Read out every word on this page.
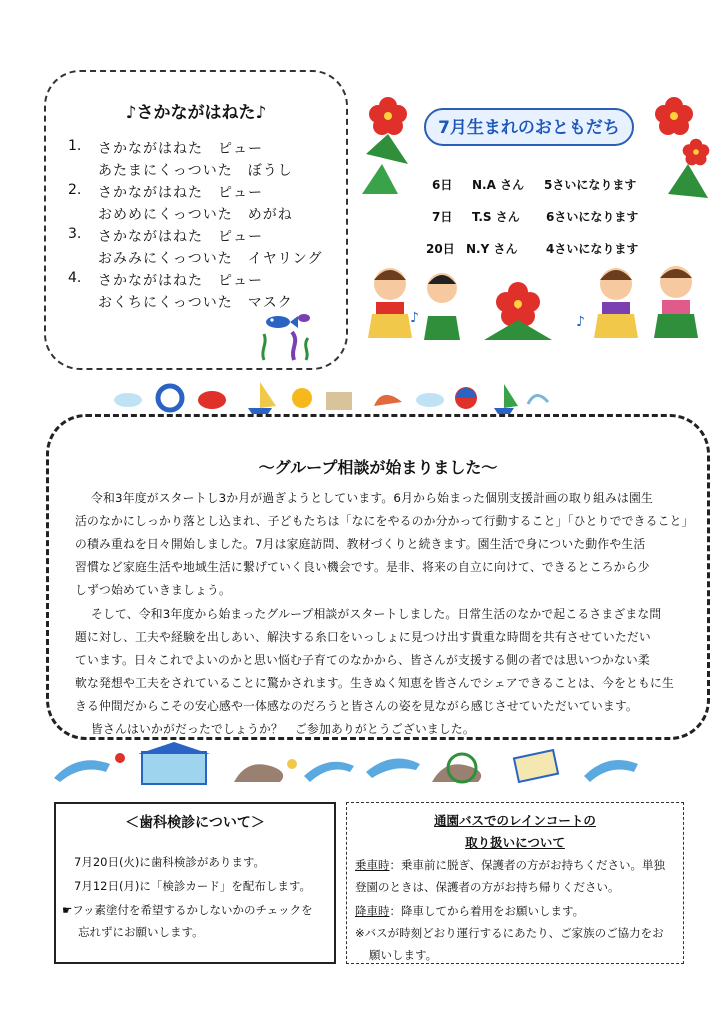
♪さかながはねた♪
1. さかながはねた　ピュー
あたまにくっついた　ぼうし
2. さかながはねた　ピュー
おめめにくっついた　めがね
3. さかながはねた　ピュー
おみみにくっついた　イヤリング
4. さかながはねた　ピュー
おくちにくっついた　マスク
7月生まれのおともだち
6日 N.A さん 5さいになります
7日 T.S さん 6さいになります
20日 N.Y さん 4さいになります
♪	♪
～グループ相談が始まりました～
令和3年度がスタートし3か月が過ぎようとしています。6月から始まった個別支援計画の取り組みは園生
活のなかにしっかり落とし込まれ、子どもたちは「なにをやるのか分かって行動すること」「ひとりでできること」
の積み重ねを日々開始しました。7月は家庭訪問、教材づくりと続きます。園生活で身についた動作や生活
習慣など家庭生活や地域生活に繋げていく良い機会です。是非、将来の自立に向けて、できるところから少
しずつ始めていきましょう。
そして、令和3年度から始まったグループ相談がスタートしました。日常生活のなかで起こるさまざまな問
題に対し、工夫や経験を出しあい、解決する糸口をいっしょに見つけ出す貴重な時間を共有させていただい
ています。日々これでよいのかと思い悩む子育てのなかから、皆さんが支援する側の者では思いつかない柔
軟な発想や工夫をされていることに驚かされます。生きぬく知恵を皆さんでシェアできることは、今をともに生
きる仲間だからこその安心感や一体感なのだろうと皆さんの姿を見ながら感じさせていただいています。
皆さんはいかがだったでしょうか？　ご参加ありがとうございました。
＜歯科検診について＞
7月20日(火)に歯科検診があります。
7月12日(月)に「検診カード」を配布します。
☛フッ素塗付を希望するかしないかのチェックを
忘れずにお願いします。
通園バスでのレインコートの
取り扱いについて
乗車時：乗車前に脱ぎ、保護者の方がお持ちください。単独
登園のときは、保護者の方がお持ち帰りください。
降車時：降車してから着用をお願いします。
※バスが時刻どおり運行するにあたり、ご家族のご協力をお
願いします。
